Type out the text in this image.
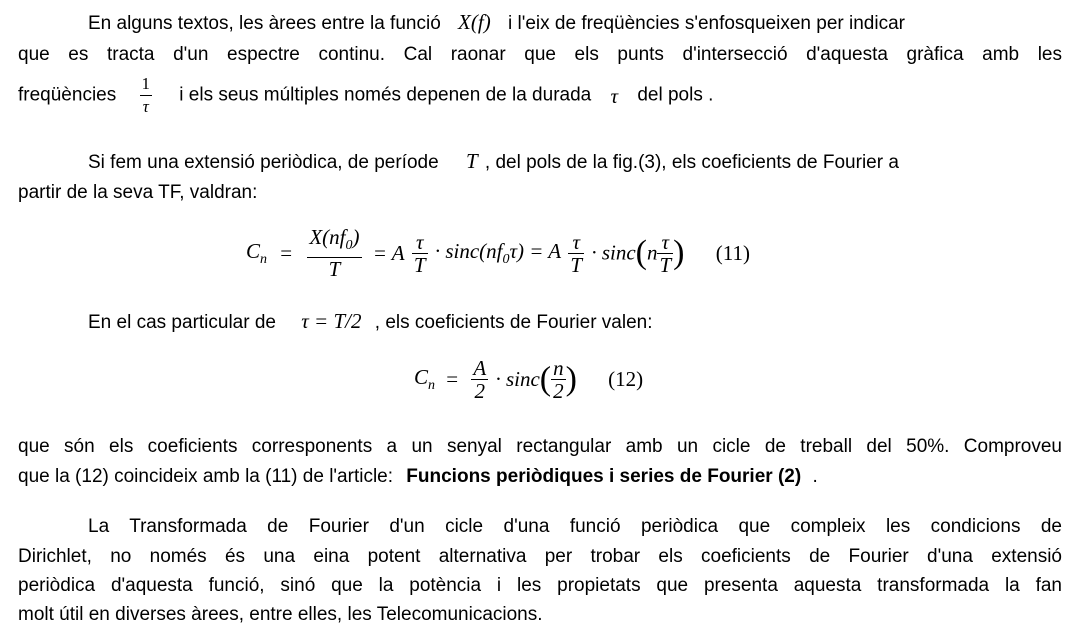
En alguns textos, les àrees entre la funció X(f) i l'eix de freqüències s'enfosqueixen per indicar
que es tracta d'un espectre continu. Cal raonar que els punts d'intersecció d'aquesta gràfica amb les
freqüències $\frac{1}{\tau}$ i els seus múltiples només depenen de la durada τ del pols .
Si fem una extensió periòdica, de període T , del pols de la fig.(3), els coeficients de Fourier a
partir de la seva TF, valdran:
$C_n = \frac{X(nf_0)}{T} = A \frac{\tau}{T} \cdot \sin c(nf_0\tau) = A \frac{\tau}{T} \cdot \sin c(n \frac{\tau}{T}$ ) (11)
En el cas particular de τ = T/2 , els coeficients de Fourier valen:
$C_n = \frac{A}{2} \cdot \sin c( \frac{n}{2}$ ) (12)
que són els coeficients corresponents a un senyal rectangular amb un cicle de treball del 50%. Comproveu
que la (12) coincideix amb la (11) de l'article: Funcions periòdiques i series de Fourier (2) .
La Transformada de Fourier d'un cicle d'una funció periòdica que compleix les condicions de
Dirichlet, no només és una eina potent alternativa per trobar els coeficients de Fourier d'una extensió
periòdica d'aquesta funció, sinó que la potència i les propietats que presenta aquesta transformada la fan
molt útil en diverses àrees, entre elles, les Telecomunicacions.
